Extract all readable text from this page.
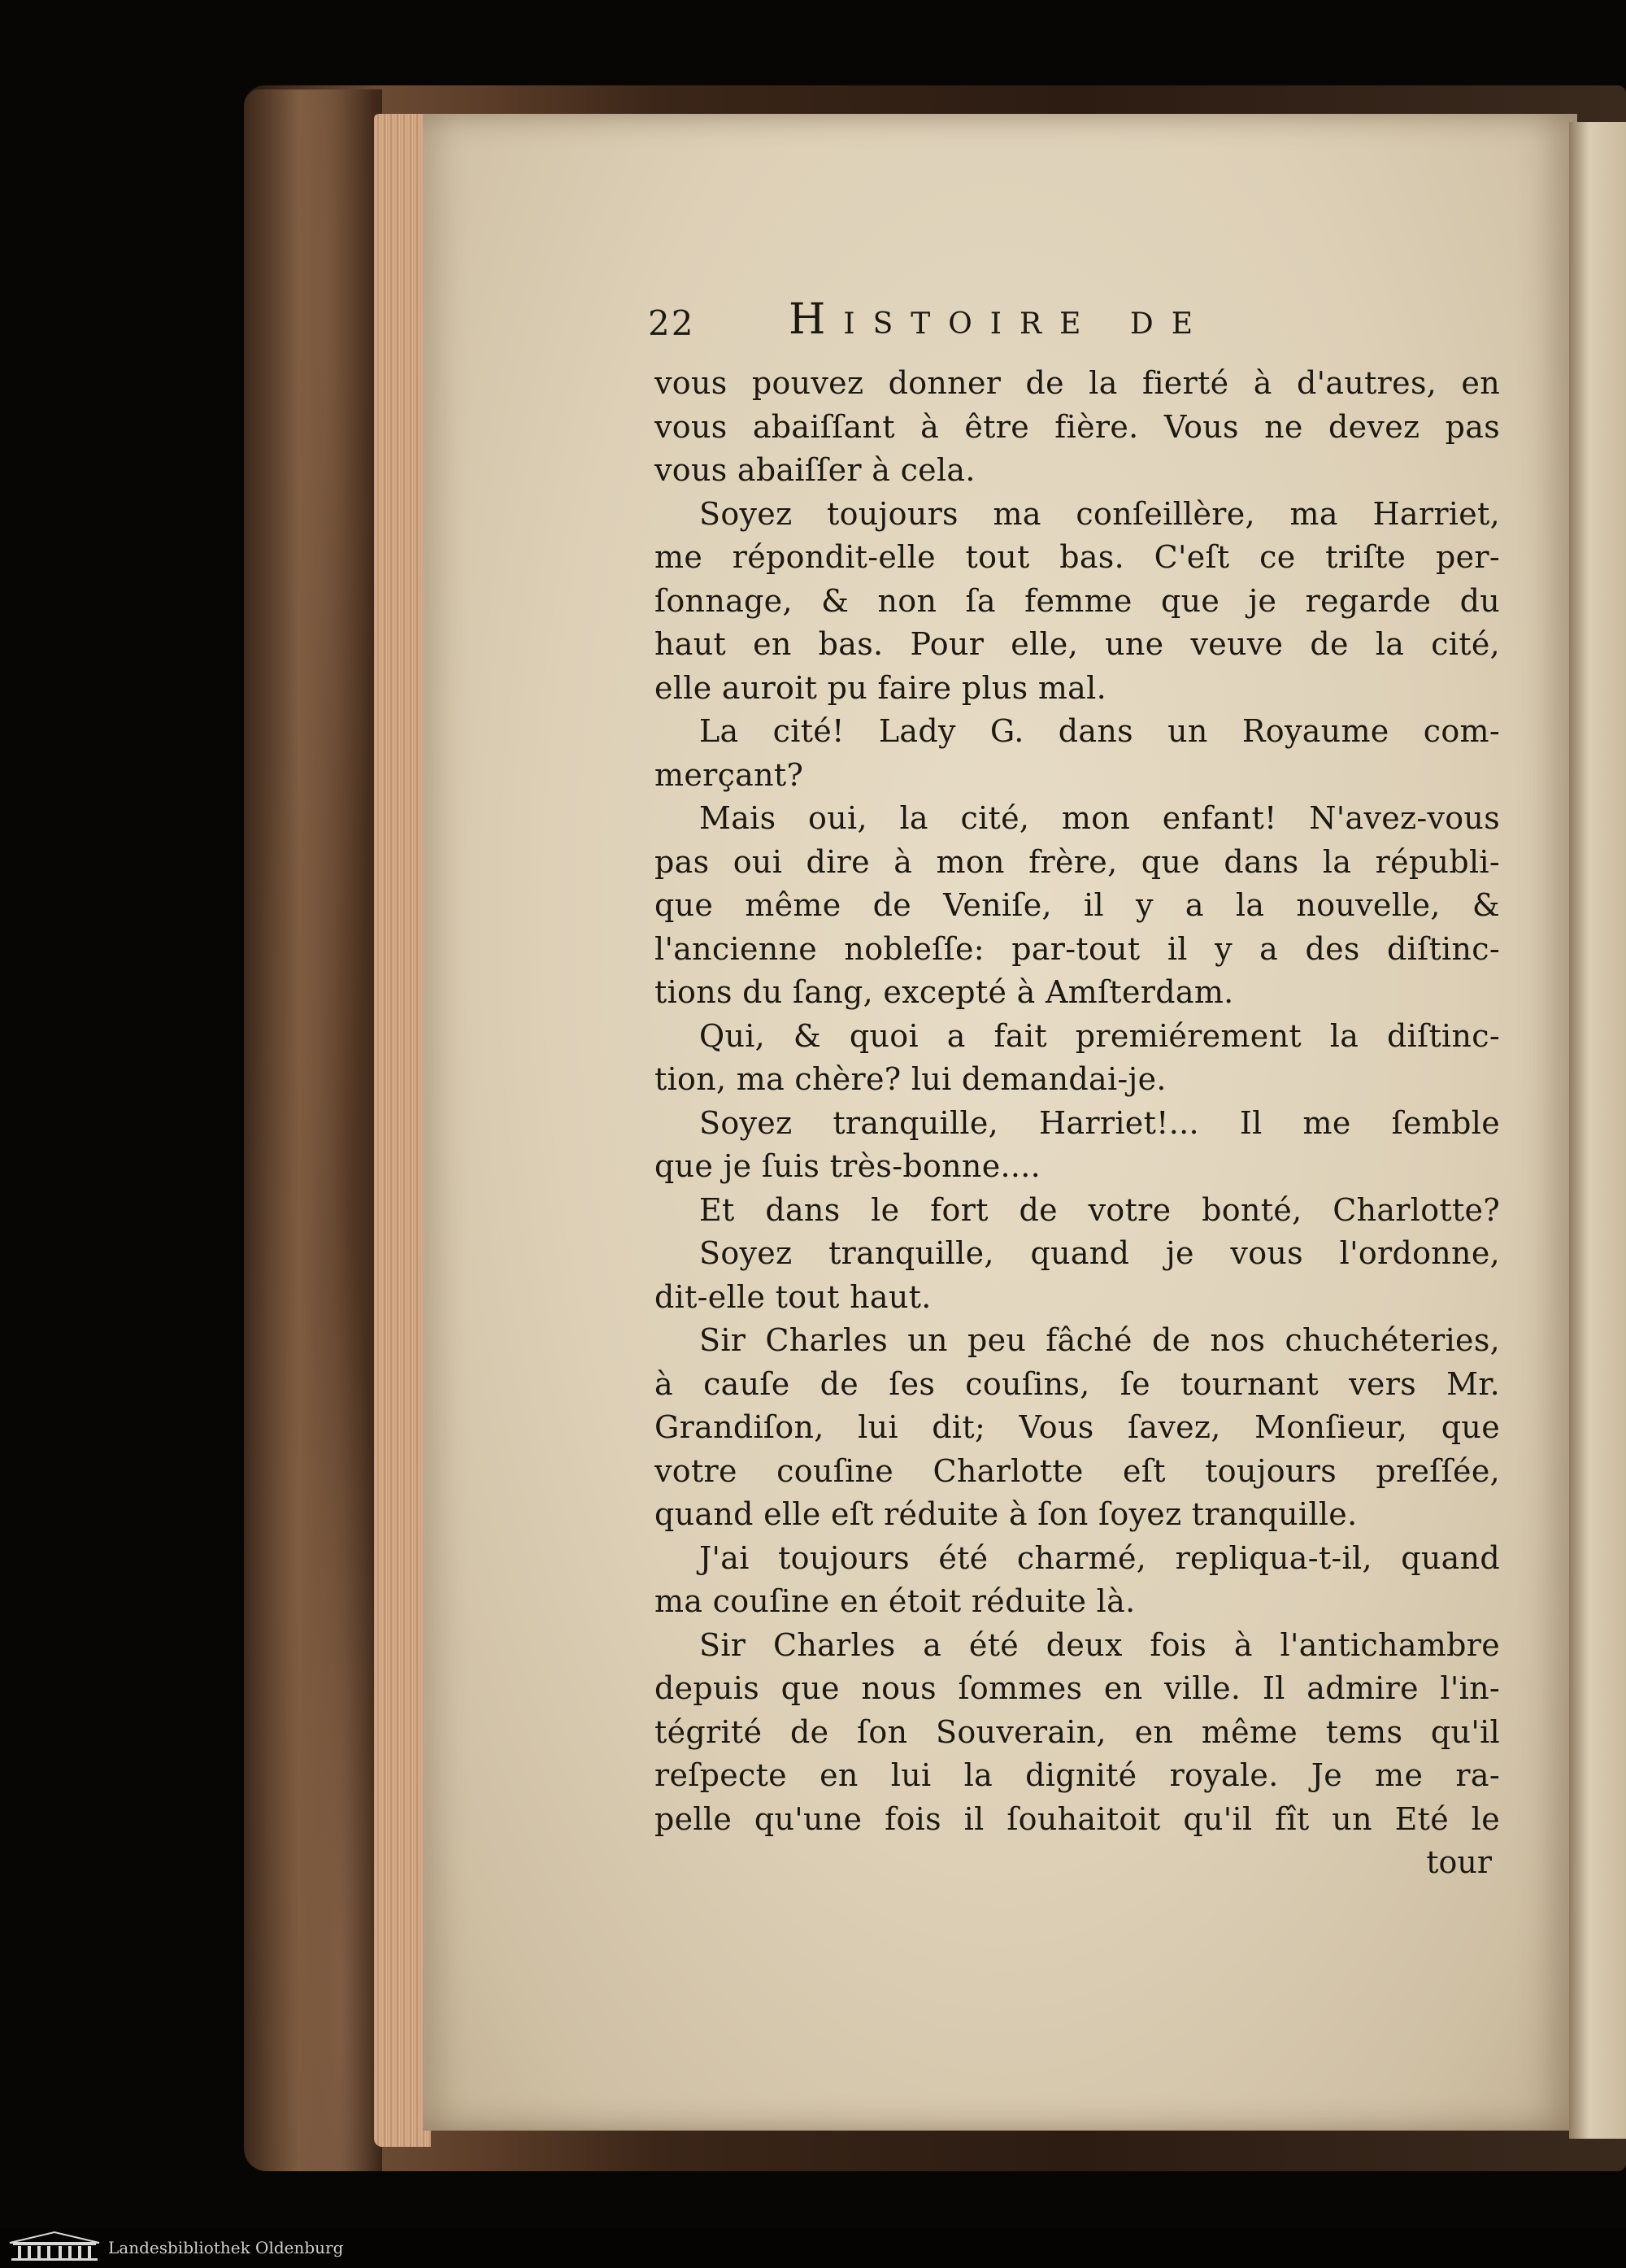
22 Histoire de
vous pouvez donner de la fierté à d'autres, en
vous abaiſſant à être fière. Vous ne devez pas
vous abaiſſer à cela.
Soyez toujours ma conſeillère, ma Harriet,
me répondit-elle tout bas. C'eſt ce triſte per-
ſonnage, & non ſa femme que je regarde du
haut en bas. Pour elle, une veuve de la cité,
elle auroit pu faire plus mal.
La cité! Lady G. dans un Royaume com-
merçant?
Mais oui, la cité, mon enfant! N'avez-vous
pas oui dire à mon frère, que dans la républi-
que même de Veniſe, il y a la nouvelle, &
l'ancienne nobleſſe: par-tout il y a des diſtinc-
tions du ſang, excepté à Amſterdam.
Qui, & quoi a fait premiérement la diſtinc-
tion, ma chère? lui demandai-je.
Soyez tranquille, Harriet!... Il me ſemble
que je ſuis très-bonne....
Et dans le fort de votre bonté, Charlotte?
Soyez tranquille, quand je vous l'ordonne,
dit-elle tout haut.
Sir Charles un peu fâché de nos chuchéteries,
à cauſe de ſes couſins, ſe tournant vers Mr.
Grandiſon, lui dit; Vous ſavez, Monſieur, que
votre couſine Charlotte eſt toujours preſſée,
quand elle eſt réduite à ſon ſoyez tranquille.
J'ai toujours été charmé, repliqua-t-il, quand
ma couſine en étoit réduite là.
Sir Charles a été deux fois à l'antichambre
depuis que nous ſommes en ville. Il admire l'in-
tégrité de ſon Souverain, en même tems qu'il
reſpecte en lui la dignité royale. Je me ra-
pelle qu'une fois il ſouhaitoit qu'il fît un Eté le
tour
Landesbibliothek Oldenburg
